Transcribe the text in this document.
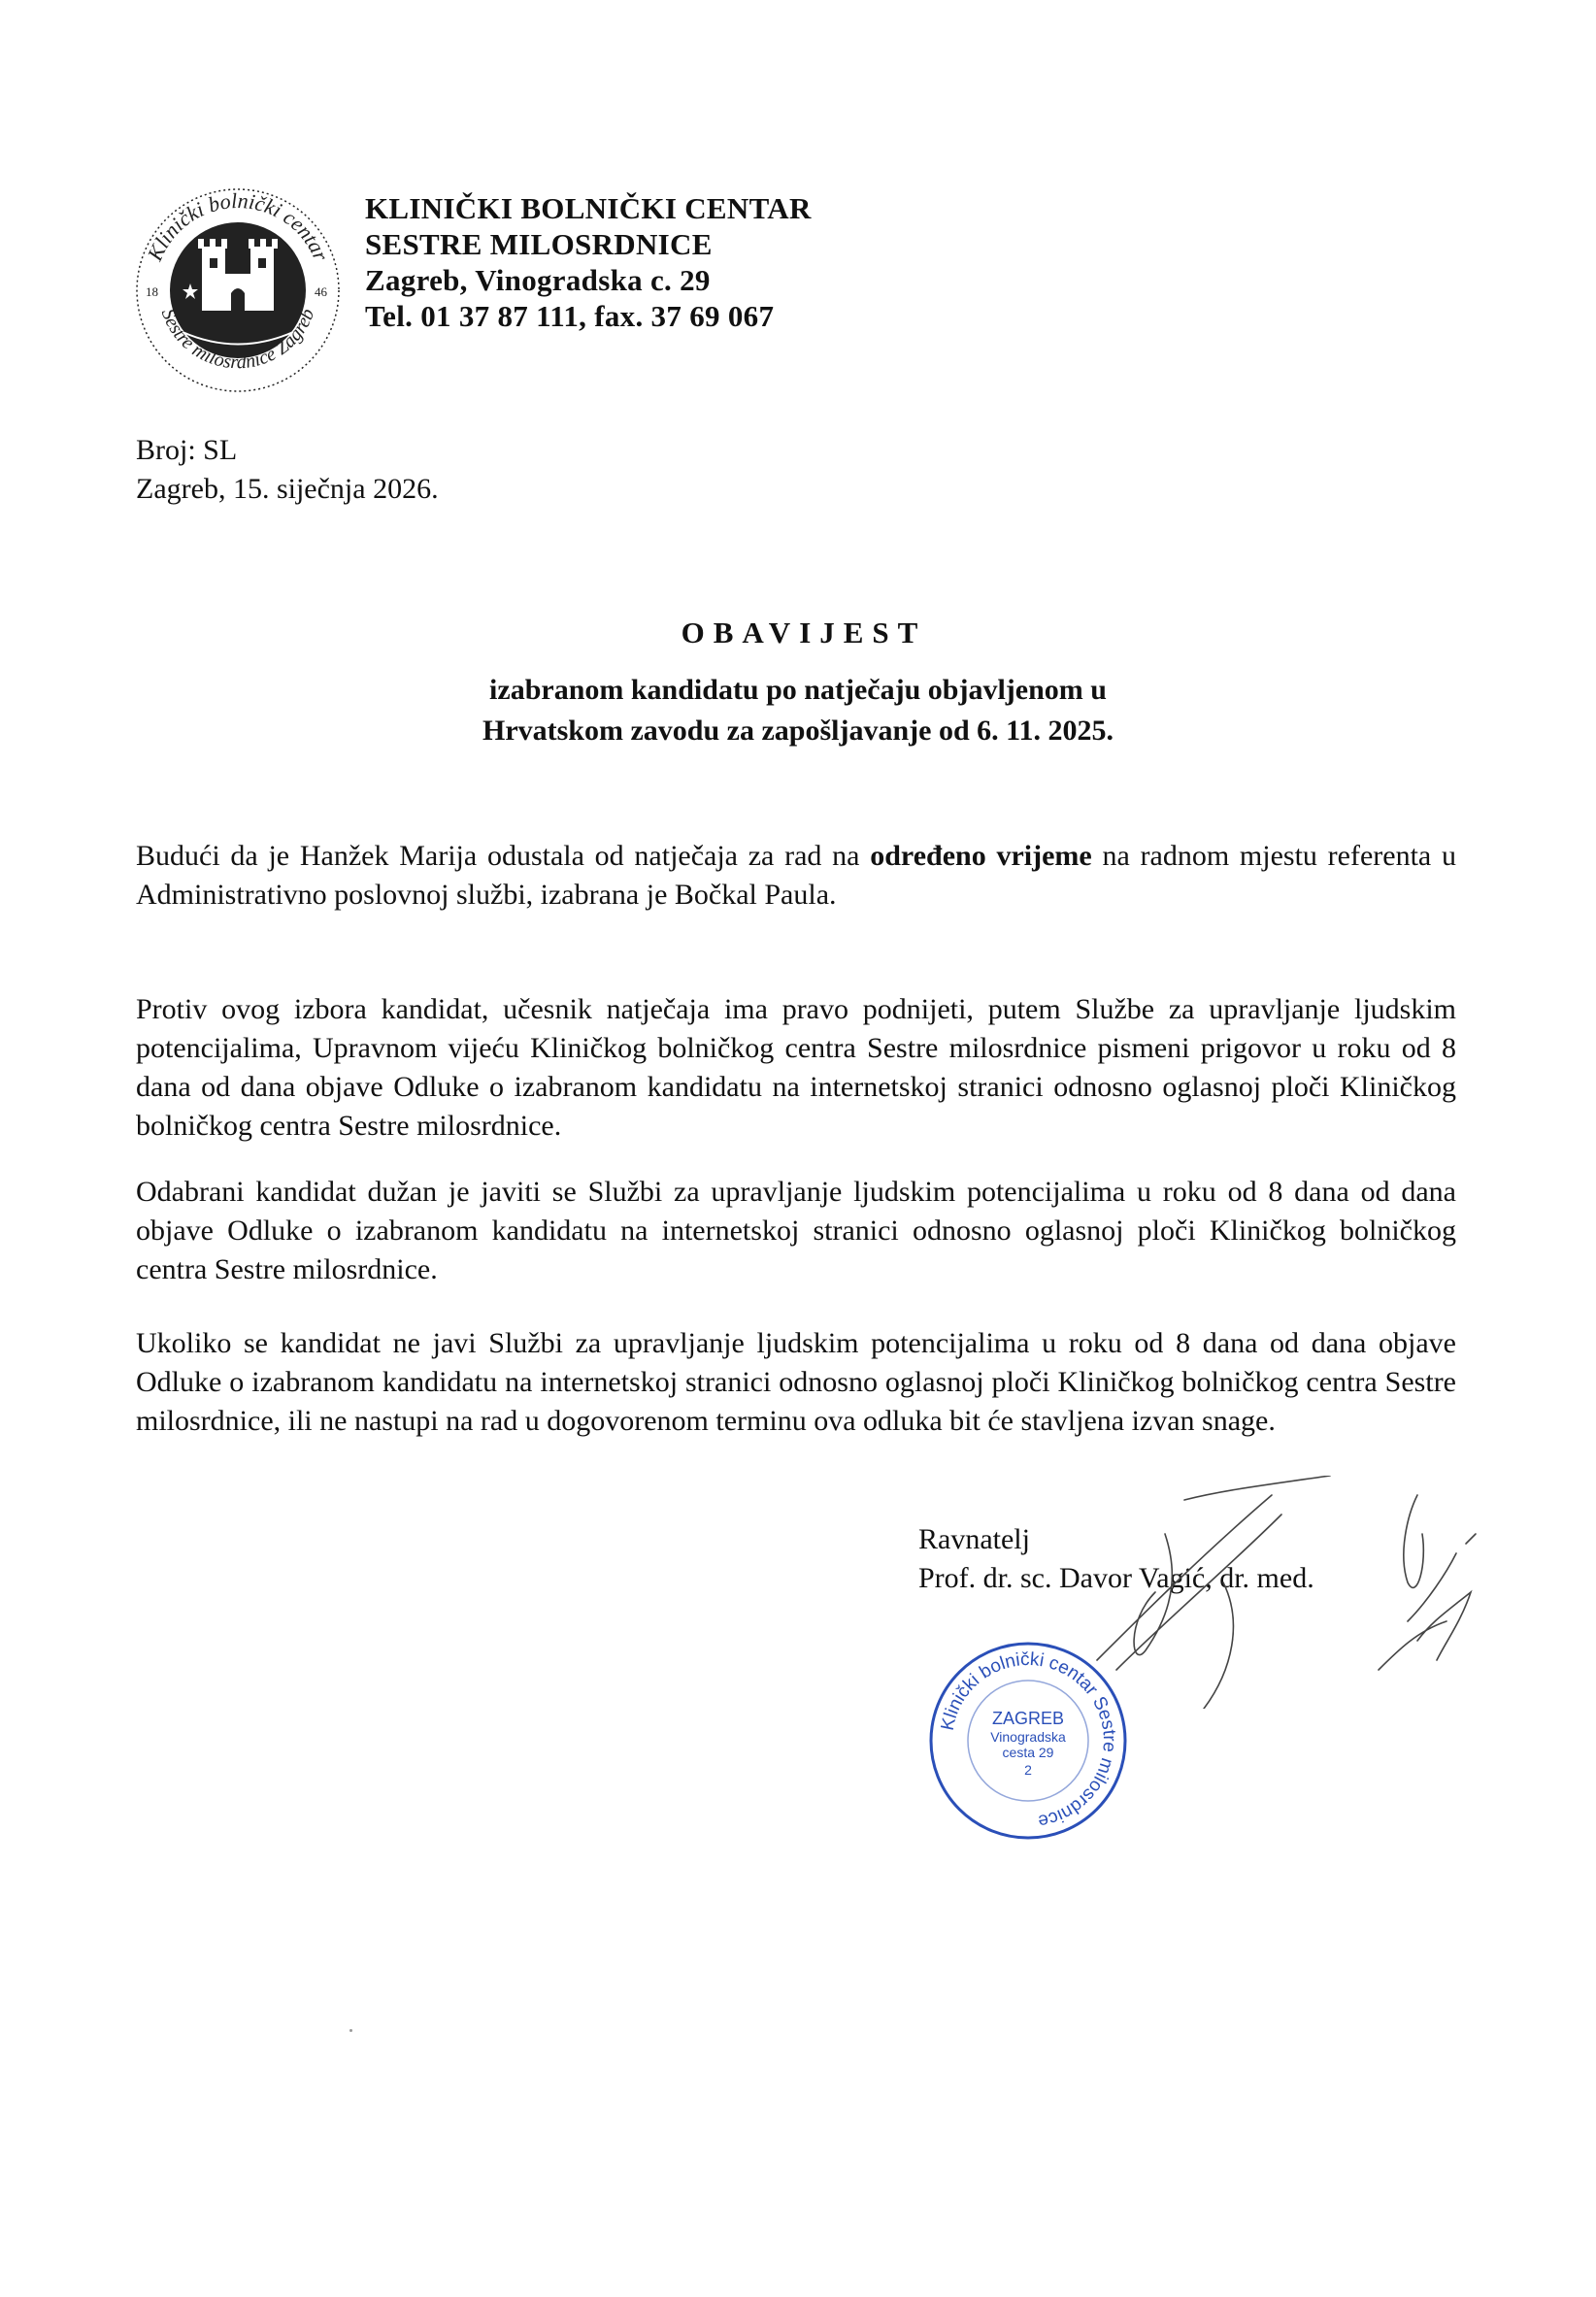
Klinički bolnički centar
Sestre milosrdnice Zagreb
18	46
KLINIČKI BOLNIČKI CENTAR
SESTRE MILOSRDNICE
Zagreb, Vinogradska c. 29
Tel. 01 37 87 111, fax. 37 69 067
Broj: SL
Zagreb, 15. siječnja 2026.
OBAVIJEST
izabranom kandidatu po natječaju objavljenom u
Hrvatskom zavodu za zapošljavanje od 6. 11. 2025.
Budući da je Hanžek Marija odustala od natječaja za rad na određeno vrijeme na radnom mjestu referenta u Administrativno poslovnoj službi, izabrana je Bočkal Paula.
Protiv ovog izbora kandidat, učesnik natječaja ima pravo podnijeti, putem Službe za upravljanje ljudskim potencijalima, Upravnom vijeću Kliničkog bolničkog centra Sestre milosrdnice pismeni prigovor u roku od 8 dana od dana objave Odluke o izabranom kandidatu na internetskoj stranici odnosno oglasnoj ploči Kliničkog bolničkog centra Sestre milosrdnice.
Odabrani kandidat dužan je javiti se Službi za upravljanje ljudskim potencijalima u roku od 8 dana od dana objave Odluke o izabranom kandidatu na internetskoj stranici odnosno oglasnoj ploči Kliničkog bolničkog centra Sestre milosrdnice.
Ukoliko se kandidat ne javi Službi za upravljanje ljudskim potencijalima u roku od 8 dana od dana objave Odluke o izabranom kandidatu na internetskoj stranici odnosno oglasnoj ploči Kliničkog bolničkog centra Sestre milosrdnice, ili ne nastupi na rad u dogovorenom terminu ova odluka bit će stavljena izvan snage.
Ravnatelj
Prof. dr. sc. Davor Vagić, dr. med.
Klinički bolnički centar Sestre milosrdnice
ZAGREB
Vinogradska
cesta 29
2
